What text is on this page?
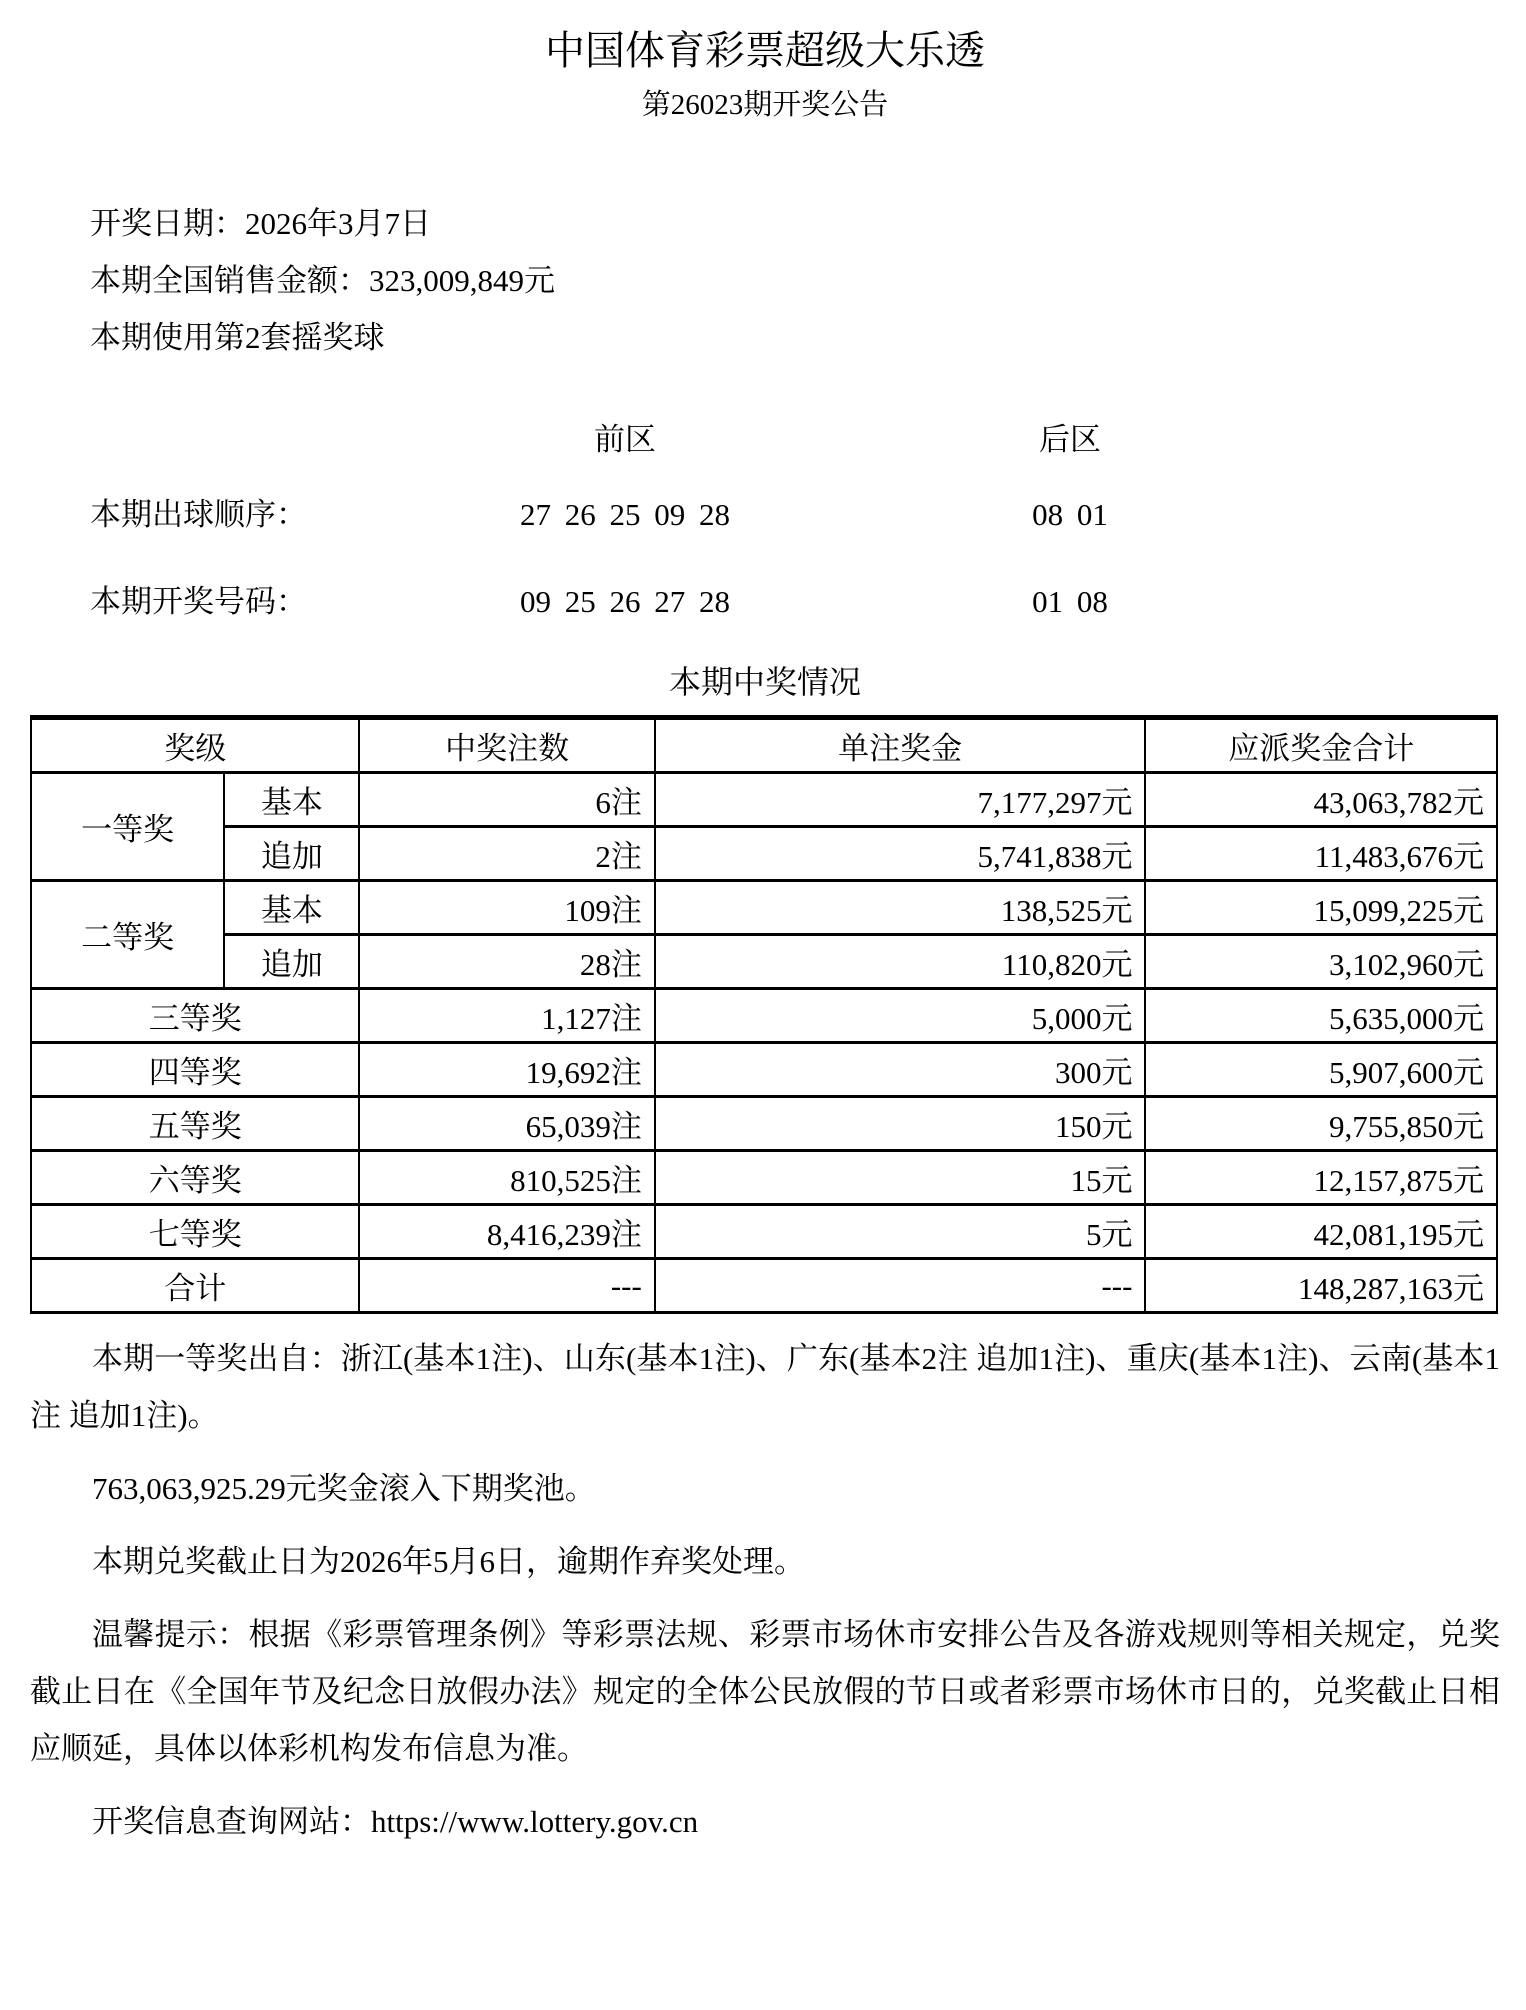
中国体育彩票超级大乐透
第26023期开奖公告

开奖日期：2026年3月7日

本期全国销售金额：323,009,849元

本期使用第2套摇奖球

前区	后区
本期出球顺序：	27 26 25 09 28	08 01
本期开奖号码：	09 25 26 27 28	01 08
本期中奖情况
奖级		中奖注数	单注奖金	应派奖金合计
一等奖	基本	6注	7,177,297元	43,063,782元
	追加	2注	5,741,838元	11,483,676元
二等奖	基本	109注	138,525元	15,099,225元
	追加	28注	110,820元	3,102,960元
三等奖		1,127注	5,000元	5,635,000元
四等奖		19,692注	300元	5,907,600元
五等奖		65,039注	150元	9,755,850元
六等奖		810,525注	15元	12,157,875元
七等奖		8,416,239注	5元	42,081,195元
合计		---	---	148,287,163元

本期一等奖出自：浙江(基本1注)、山东(基本1注)、广东(基本2注 追加1注)、重庆(基本1注)、云南(基本1注 追加1注)。

763,063,925.29元奖金滚入下期奖池。

本期兑奖截止日为2026年5月6日，逾期作弃奖处理。

温馨提示：根据《彩票管理条例》等彩票法规、彩票市场休市安排公告及各游戏规则等相关规定，兑奖截止日在《全国年节及纪念日放假办法》规定的全体公民放假的节日或者彩票市场休市日的，兑奖截止日相应顺延，具体以体彩机构发布信息为准。

开奖信息查询网站：https://www.lottery.gov.cn
